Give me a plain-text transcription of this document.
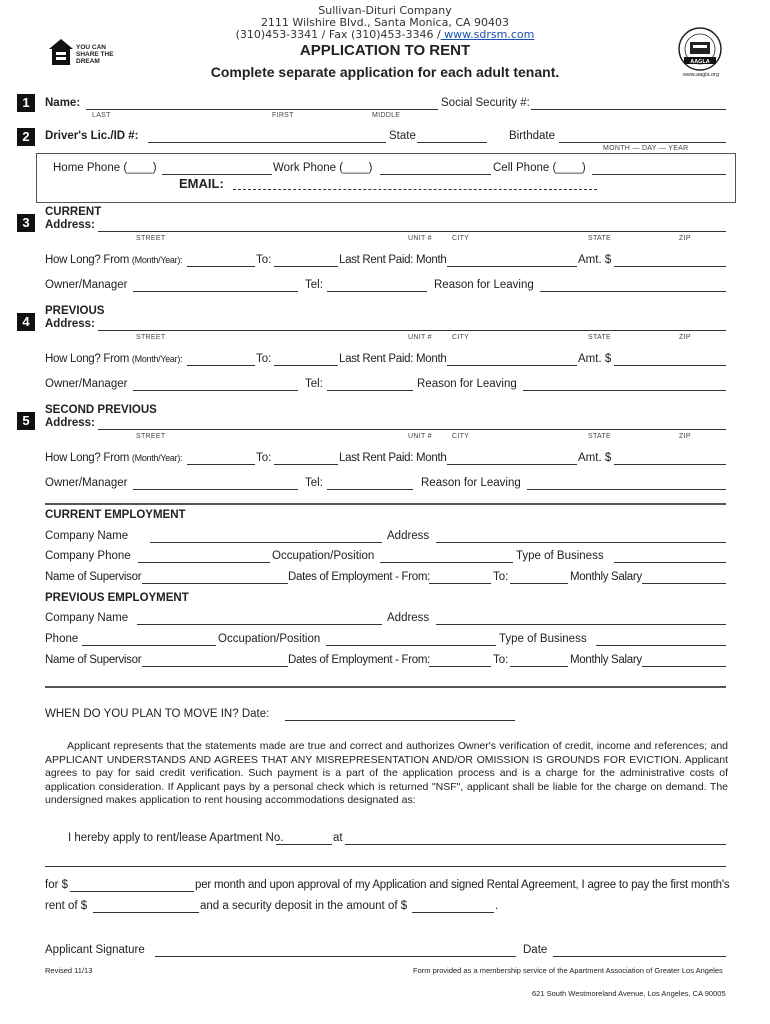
Sullivan-Dituri Company
2111 Wilshire Blvd., Santa Monica, CA 90403
(310)453-3341 / Fax (310)453-3346 / www.sdrsm.com
APPLICATION TO RENT
Complete separate application for each adult tenant.
YOU CAN SHARE THE DREAM	AAGLA
www.aagla.org
1	Name:	Social Security #:
LAST	FIRST	MIDDLE
2	Driver's Lic./ID #:	State	Birthdate
MONTH — DAY — YEAR
Home Phone (____)	Work Phone (____)	Cell Phone (____)
EMAIL:
3
CURRENT
Address:
STREET	UNIT #	CITY	STATE	ZIP
How Long? From (Month/Year):	To:	Last Rent Paid: Month	Amt. $
Owner/Manager	Tel:	Reason for Leaving
4
PREVIOUS
Address:
STREET	UNIT #	CITY	STATE	ZIP
How Long? From (Month/Year):	To:	Last Rent Paid: Month	Amt. $
Owner/Manager	Tel:	Reason for Leaving
5
SECOND PREVIOUS
Address:
STREET	UNIT #	CITY	STATE	ZIP
How Long? From (Month/Year):	To:	Last Rent Paid: Month	Amt. $
Owner/Manager	Tel:	Reason for Leaving
CURRENT EMPLOYMENT
Company Name	Address
Company Phone	Occupation/Position	Type of Business
Name of Supervisor	Dates of Employment - From:	To:	Monthly Salary
PREVIOUS EMPLOYMENT
Company Name	Address
Phone	Occupation/Position	Type of Business
Name of Supervisor	Dates of Employment - From:	To:	Monthly Salary
WHEN DO YOU PLAN TO MOVE IN? Date:
Applicant represents that the statements made are true and correct and authorizes Owner's verification of credit, income and references; and APPLICANT UNDERSTANDS AND AGREES THAT ANY MISREPRESENTATION AND/OR OMISSION IS GROUNDS FOR EVICTION. Applicant agrees to pay for said credit verification. Such payment is a part of the application process and is a charge for the administrative costs of application consideration. If Applicant pays by a personal check which is returned "NSF", applicant shall be liable for the charge on demand. The undersigned makes application to rent housing accommodations designated as:
I hereby apply to rent/lease Apartment No.	at
for $	per month and upon approval of my Application and signed Rental Agreement, I agree to pay the first month's
rent of $	and a security deposit in the amount of $	.
Applicant Signature	Date
Revised 11/13	Form provided as a membership service of the Apartment Association of Greater Los Angeles
621 South Westmoreland Avenue, Los Angeles, CA 90005
